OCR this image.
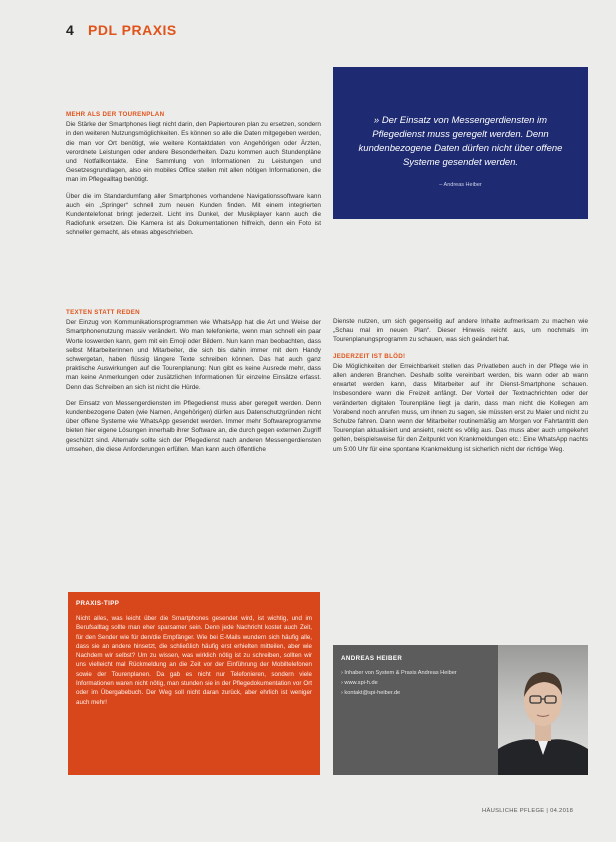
4 PDL PRAXIS
MEHR ALS DER TOURENPLAN

Die Stärke der Smartphones liegt nicht darin, den Papiertouren plan zu ersetzen, sondern in den weiteren Nutzungsmöglichkeiten. Es können so alle die Daten mitgegeben werden, die man vor Ort benötigt, wie weitere Kontaktdaten von Angehörigen oder Ärzten, verordnete Leistungen oder andere Besonderheiten. Dazu kommen auch Stundenpläne und Notfallkontakte. Eine Sammlung von Informationen zu Leistungen und Gesetzesgrundlagen, also ein mobiles Office stellen mit allen nötigen Informationen, die man im Pflegealltag benötigt.

Über die im Standardumfang aller Smartphones vorhandene Navigationssoftware kann auch ein „Springer“ schnell zum neuen Kunden finden. Mit einem integrierten Kundentelefonat bringt jederzeit. Licht ins Dunkel, der Musikplayer kann auch die Radiofunk ersetzen. Die Kamera ist als Dokumentationen hilfreich, denn ein Foto ist schneller gemacht, als etwas abgeschrieben.

» Der Einsatz von Messengerdiensten im Pflegedienst muss geregelt werden. Denn kundenbezogene Daten dürfen nicht über offene Systeme gesendet werden.
– Andreas Heiber
TEXTEN STATT REDEN

Der Einzug von Kommunikationsprogrammen wie WhatsApp hat die Art und Weise der Smartphonenutzung massiv verändert. Wo man telefonierte, wenn man schnell ein paar Worte loswerden kann, gern mit ein Emoji oder Bildern. Nun kann man beobachten, dass selbst Mitarbeiterinnen und Mitarbeiter, die sich bis dahin immer mit dem Handy schwergetan, haben flüssig längere Texte schreiben können. Das hat auch ganz praktische Auswirkungen auf die Tourenplanung: Nun gibt es keine Ausrede mehr, dass man keine Anmerkungen oder zusätzlichen Informationen für einzelne Einsätze erfasst. Denn das Schreiben an sich ist nicht die Hürde.

Der Einsatz von Messengerdiensten im Pflegedienst muss aber geregelt werden. Denn kundenbezogene Daten (wie Namen, Angehörigen) dürfen aus Datenschutzgründen nicht über offene Systeme wie WhatsApp gesendet werden. Immer mehr Softwareprogramme bieten hier eigene Lösungen innerhalb ihrer Software an, die durch gegen externen Zugriff geschützt sind. Alternativ sollte sich der Pflegedienst nach anderen Messengerdiensten umsehen, die diese Anforderungen erfüllen. Man kann auch öffentliche

Dienste nutzen, um sich gegenseitig auf andere Inhalte aufmerksam zu machen wie „Schau mal im neuen Plan“. Dieser Hinweis reicht aus, um nochmals im Tourenplanungsprogramm zu schauen, was sich geändert hat.

JEDERZEIT IST BLÖD!

Die Möglichkeiten der Erreichbarkeit stellen das Privatleben auch in der Pflege wie in allen anderen Branchen. Deshalb sollte vereinbart werden, bis wann oder ab wann erwartet werden kann, dass Mitarbeiter auf ihr Dienst-Smartphone schauen. Insbesondere wann die Freizeit anfängt. Der Vorteil der Textnachrichten oder der veränderten digitalen Tourenpläne liegt ja darin, dass man nicht die Kollegen am Vorabend noch anrufen muss, um ihnen zu sagen, sie müssten erst zu Maier und nicht zu Schulze fahren. Dann wenn der Mitarbeiter routinemäßig am Morgen vor Fahrtantritt den Tourenplan aktualisiert und ansieht, reicht es völlig aus. Das muss aber auch umgekehrt gelten, beispielsweise für den Zeitpunkt von Krankmeldungen etc.: Eine WhatsApp nachts um 5:00 Uhr für eine spontane Krankmeldung ist sicherlich nicht der richtige Weg.

PRAXIS-TIPP
Nicht alles, was leicht über die Smartphones gesendet wird, ist wichtig, und im Berufsalltag sollte man eher sparsamer sein. Denn jede Nachricht kostet auch Zeit, für den Sender wie für den/die Empfänger. Wie bei E-Mails wundern sich häufig alle, dass sie an andere hinsetzt, die schließlich häufig erst erhielten mitteilen, aber wie Nachdem wir selbst? Um zu wissen, was wirklich nötig ist zu schreiben, sollten wir uns vielleicht mal Rückmeldung an die Zeit vor der Einführung der Mobiltelefonen sowie der Tourenplanen. Da gab es nicht nur Telefonieren, sondern viele Informationen waren nicht nötig, man stunden sie in der Pflegedokumentation vor Ort oder im Übergabebuch. Der Weg soll nicht daran zurück, aber ehrlich ist weniger auch mehr!
ANDREAS HEIBER
› Inhaber von System & Praxis Andreas Heiber
› www.spi-h.de
› kontakt@spi-heiber.de
HÄUSLICHE PFLEGE | 04.2018
